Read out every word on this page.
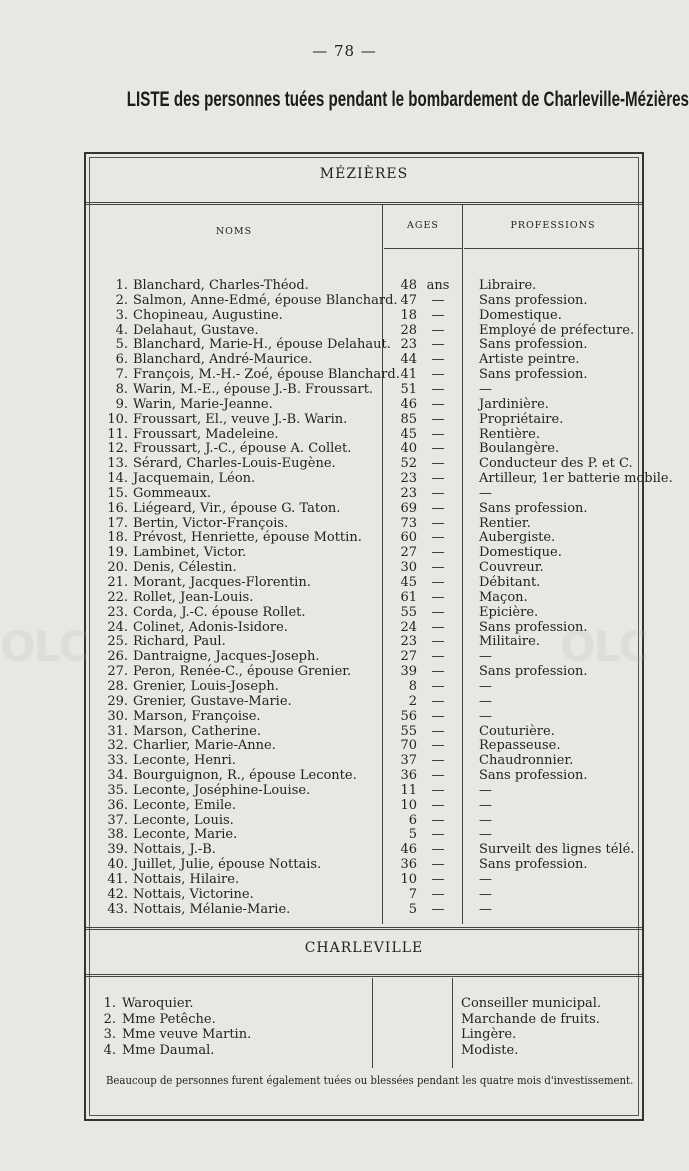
— 78 —
LISTE des personnes tuées pendant le bombardement de Charleville-Mézières
MÉZIÈRES
NOMS
AGES	PROFESSIONS
1. Blanchard, Charles-Théod.	48 ans Libraire.
2. Salmon, Anne-Edmé, épouse Blanchard. 47	—	Sans profession.
3. Chopineau, Augustine.	18	—	Domestique.
4. Delahaut, Gustave.	28	—	Employé de préfecture.
5. Blanchard, Marie-H., épouse Delahaut. 23	—	Sans profession.
6. Blanchard, André-Maurice.	44	—	Artiste peintre.
7. François, M.-H.- Zoé, épouse Blanchard. 41	—	Sans profession.
8. Warin, M.-E., épouse J.-B. Froussart.	51	—	—
9. Warin, Marie-Jeanne.	46	—	Jardinière.
10. Froussart, El., veuve J.-B. Warin.	85	—	Propriétaire.
11. Froussart, Madeleine.	45	—	Rentière.
12. Froussart, J.-C., épouse A. Collet.	40	—	Boulangère.
13. Sérard, Charles-Louis-Eugène.	52	—	Conducteur des P. et C.
14. Jacquemain, Léon.	23	—	Artilleur, 1er batterie mobile.
15. Gommeaux.	23	—	—
16. Liégeard, Vir., épouse G. Taton.	69	—	Sans profession.
17. Bertin, Victor-François.	73	—	Rentier.
18. Prévost, Henriette, épouse Mottin.	60	—	Aubergiste.
19. Lambinet, Victor.	27	—	Domestique.
20. Denis, Célestin.	30	—	Couvreur.
21. Morant, Jacques-Florentin.	45	—	Débitant.
22. Rollet, Jean-Louis.	61	—	Maçon.
23. Corda, J.-C. épouse Rollet.	55	—	Epicière.
24. Colinet, Adonis-Isidore.	24	—	Sans profession.
25. Richard, Paul.	23	—	Militaire.
26. Dantraigne, Jacques-Joseph.	27	—	—
27. Peron, Renée-C., épouse Grenier.	39	—	Sans profession.
28. Grenier, Louis-Joseph.	8	—	—
29. Grenier, Gustave-Marie.	2	—	—
30. Marson, Françoise.	56	—	—
31. Marson, Catherine.	55	—	Couturière.
32. Charlier, Marie-Anne.	70	—	Repasseuse.
33. Leconte, Henri.	37	—	Chaudronnier.
34. Bourguignon, R., épouse Leconte.	36	—	Sans profession.
35. Leconte, Joséphine-Louise.	11	—	—
36. Leconte, Emile.	10	—	—
37. Leconte, Louis.	6	—	—
38. Leconte, Marie.	5	—	—
39. Nottais, J.-B.	46	—	Surveilt des lignes télé.
40. Juillet, Julie, épouse Nottais.	36	—	Sans profession.
41. Nottais, Hilaire.	10	—	—
42. Nottais, Victorine.	7	—	—
43. Nottais, Mélanie-Marie.	5	—	—
CHARLEVILLE
1. Waroquier.	Conseiller municipal.
2. Mme Petêche.	Marchande de fruits.
3. Mme veuve Martin.	Lingère.
4. Mme Daumal.	Modiste.
Beaucoup de personnes furent également tuées ou blessées pendant les quatre mois d'investissement.
OLC	OLC
